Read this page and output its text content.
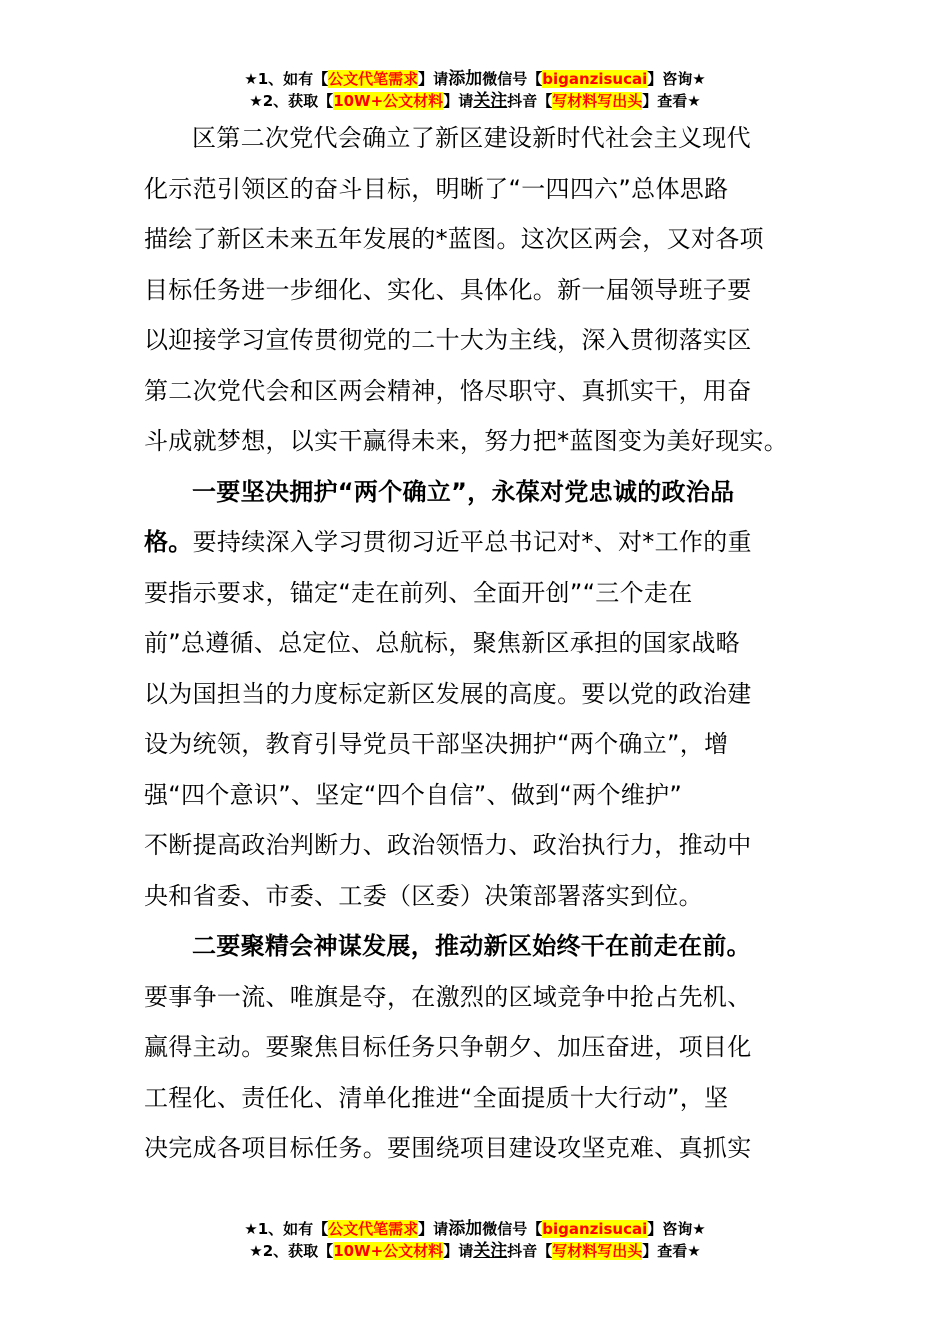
★1、如有【公文代笔需求】请添加微信号【biganzisucai】咨询★
★2、获取【10W+公文材料】请关注抖音【写材料写出头】查看★
区第二次党代会确立了新区建设新时代社会主义现代
化示范引领区的奋斗目标，明晰了“一四四六”总体思路
描绘了新区未来五年发展的*蓝图。这次区两会，又对各项
目标任务进一步细化、实化、具体化。新一届领导班子要
以迎接学习宣传贯彻党的二十大为主线，深入贯彻落实区
第二次党代会和区两会精神，恪尽职守、真抓实干，用奋
斗成就梦想，以实干赢得未来，努力把*蓝图变为美好现实。
一要坚决拥护“两个确立”，永葆对党忠诚的政治品
格。要持续深入学习贯彻习近平总书记对*、对*工作的重
要指示要求，锚定“走在前列、全面开创”“三个走在
前”总遵循、总定位、总航标，聚焦新区承担的国家战略
以为国担当的力度标定新区发展的高度。要以党的政治建
设为统领，教育引导党员干部坚决拥护“两个确立”，增
强“四个意识”、坚定“四个自信”、做到“两个维护”
不断提高政治判断力、政治领悟力、政治执行力，推动中
央和省委、市委、工委（区委）决策部署落实到位。
二要聚精会神谋发展，推动新区始终干在前走在前。
要事争一流、唯旗是夺，在激烈的区域竞争中抢占先机、
赢得主动。要聚焦目标任务只争朝夕、加压奋进，项目化
工程化、责任化、清单化推进“全面提质十大行动”，坚
决完成各项目标任务。要围绕项目建设攻坚克难、真抓实
★1、如有【公文代笔需求】请添加微信号【biganzisucai】咨询★
★2、获取【10W+公文材料】请关注抖音【写材料写出头】查看★
